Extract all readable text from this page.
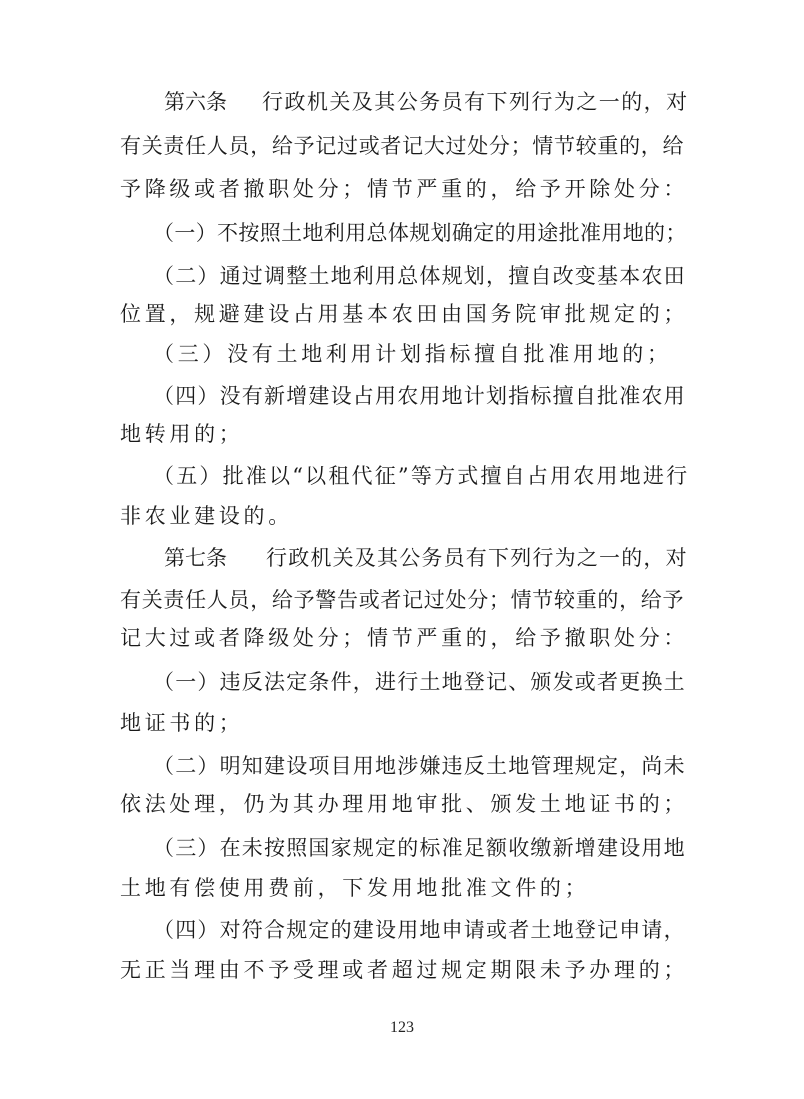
第六条 行政机关及其公务员有下列行为之一的，对
有关责任人员，给予记过或者记大过处分；情节较重的，给
予降级或者撤职处分；情节严重的，给予开除处分：
（一）不按照土地利用总体规划确定的用途批准用地的；
（二）通过调整土地利用总体规划，擅自改变基本农田
位置，规避建设占用基本农田由国务院审批规定的；
（三）没有土地利用计划指标擅自批准用地的；
（四）没有新增建设占用农用地计划指标擅自批准农用
地转用的；
（五）批准以“以租代征”等方式擅自占用农用地进行
非农业建设的。
第七条 行政机关及其公务员有下列行为之一的，对
有关责任人员，给予警告或者记过处分；情节较重的，给予
记大过或者降级处分；情节严重的，给予撤职处分：
（一）违反法定条件，进行土地登记、颁发或者更换土
地证书的；
（二）明知建设项目用地涉嫌违反土地管理规定，尚未
依法处理，仍为其办理用地审批、颁发土地证书的；
（三）在未按照国家规定的标准足额收缴新增建设用地
土地有偿使用费前，下发用地批准文件的；
（四）对符合规定的建设用地申请或者土地登记申请，
无正当理由不予受理或者超过规定期限未予办理的；
123
